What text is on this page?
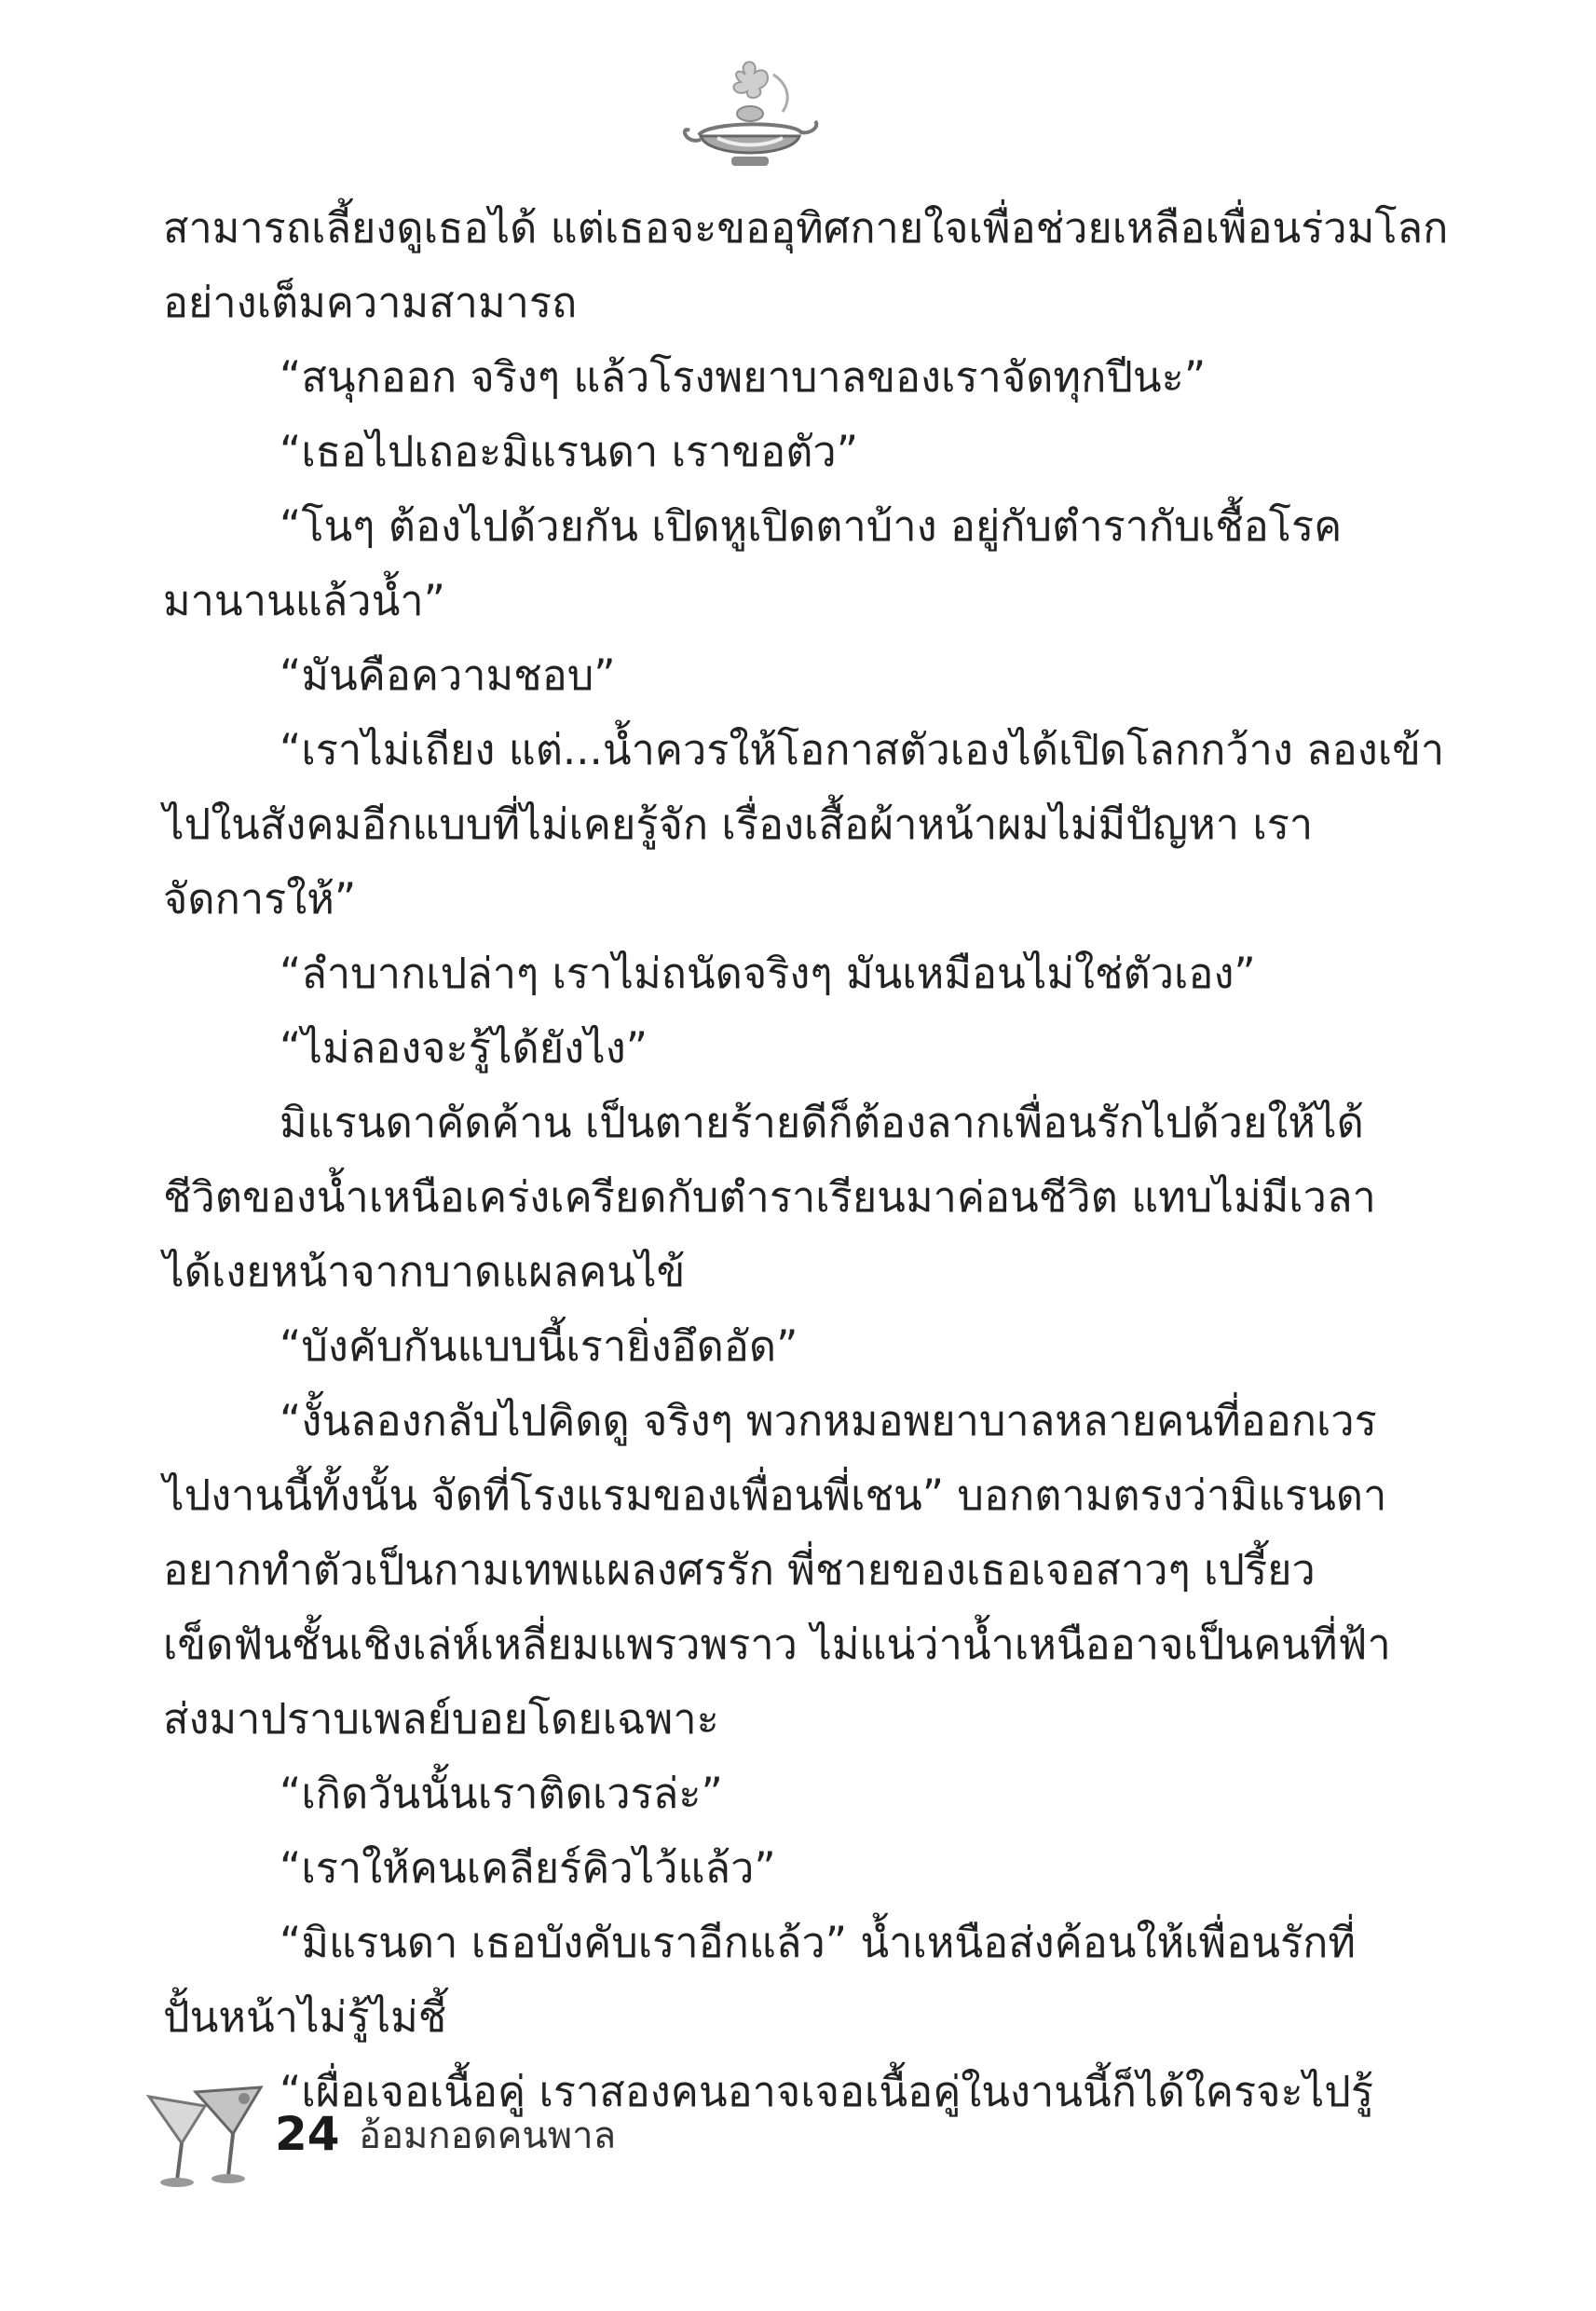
สามารถเลี้ยงดูเธอได้ แต่เธอจะขออุทิศกายใจเพื่อช่วยเหลือเพื่อนร่วมโลก
อย่างเต็มความสามารถ
“สนุกออก จริงๆ แล้วโรงพยาบาลของเราจัดทุกปีนะ”
“เธอไปเถอะมิแรนดา เราขอตัว”
“โนๆ ต้องไปด้วยกัน เปิดหูเปิดตาบ้าง อยู่กับตำรากับเชื้อโรค
มานานแล้วน้ำ”
“มันคือความชอบ”
“เราไม่เถียง แต่...น้ำควรให้โอกาสตัวเองได้เปิดโลกกว้าง ลองเข้า
ไปในสังคมอีกแบบที่ไม่เคยรู้จัก เรื่องเสื้อผ้าหน้าผมไม่มีปัญหา เรา
จัดการให้”
“ลำบากเปล่าๆ เราไม่ถนัดจริงๆ มันเหมือนไม่ใช่ตัวเอง”
“ไม่ลองจะรู้ได้ยังไง”
มิแรนดาคัดค้าน เป็นตายร้ายดีก็ต้องลากเพื่อนรักไปด้วยให้ได้
ชีวิตของน้ำเหนือเคร่งเครียดกับตำราเรียนมาค่อนชีวิต แทบไม่มีเวลา
ได้เงยหน้าจากบาดแผลคนไข้
“บังคับกันแบบนี้เรายิ่งอึดอัด”
“งั้นลองกลับไปคิดดู จริงๆ พวกหมอพยาบาลหลายคนที่ออกเวร
ไปงานนี้ทั้งนั้น จัดที่โรงแรมของเพื่อนพี่เชน” บอกตามตรงว่ามิแรนดา
อยากทำตัวเป็นกามเทพแผลงศรรัก พี่ชายของเธอเจอสาวๆ เปรี้ยว
เข็ดฟันชั้นเชิงเล่ห์เหลี่ยมแพรวพราว ไม่แน่ว่าน้ำเหนืออาจเป็นคนที่ฟ้า
ส่งมาปราบเพลย์บอยโดยเฉพาะ
“เกิดวันนั้นเราติดเวรล่ะ”
“เราให้คนเคลียร์คิวไว้แล้ว”
“มิแรนดา เธอบังคับเราอีกแล้ว” น้ำเหนือส่งค้อนให้เพื่อนรักที่
ปั้นหน้าไม่รู้ไม่ชี้
“เผื่อเจอเนื้อคู่ เราสองคนอาจเจอเนื้อคู่ในงานนี้ก็ได้ใครจะไปรู้
24 อ้อมกอดคนพาล
